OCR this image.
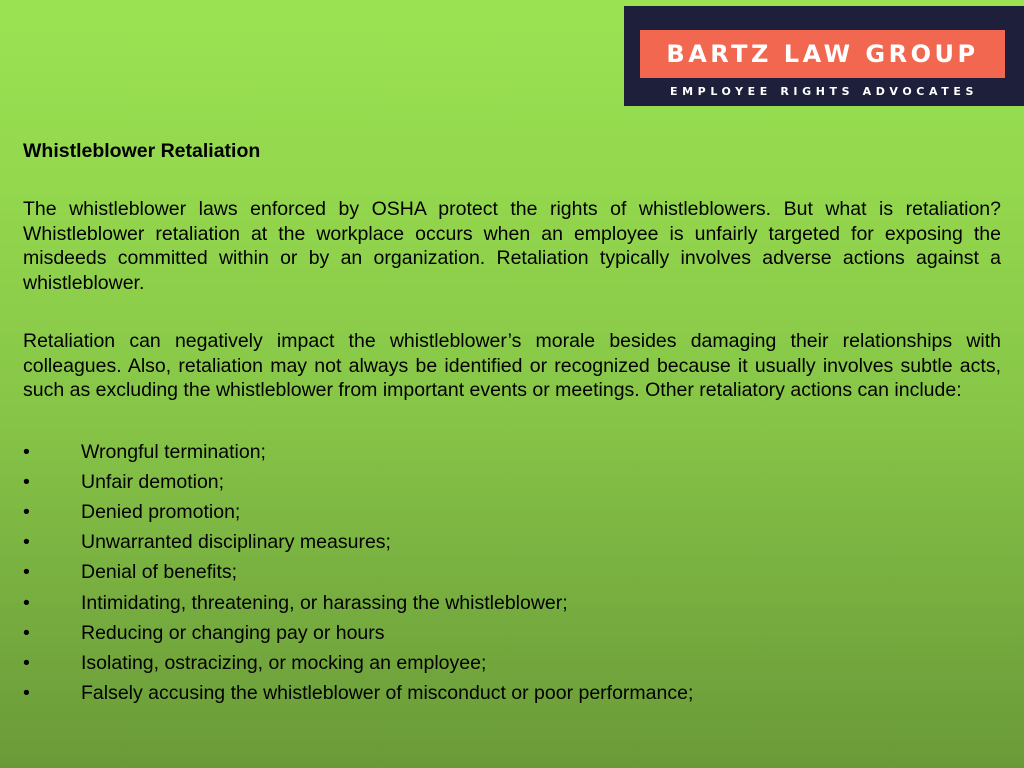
BARTZ LAW GROUP
EMPLOYEE RIGHTS ADVOCATES
Whistleblower Retaliation

The whistleblower laws enforced by OSHA protect the rights of whistleblowers. But what is retaliation? Whistleblower retaliation at the workplace occurs when an employee is unfairly targeted for exposing the misdeeds committed within or by an organization. Retaliation typically involves adverse actions against a whistleblower.

Retaliation can negatively impact the whistleblower’s morale besides damaging their relationships with colleagues. Also, retaliation may not always be identified or recognized because it usually involves subtle acts, such as excluding the whistleblower from important events or meetings. Other retaliatory actions can include:

•	Wrongful termination;
•	Unfair demotion;
•	Denied promotion;
•	Unwarranted disciplinary measures;
•	Denial of benefits;
•	Intimidating, threatening, or harassing the whistleblower;
•	Reducing or changing pay or hours
•	Isolating, ostracizing, or mocking an employee;
•	Falsely accusing the whistleblower of misconduct or poor performance;
